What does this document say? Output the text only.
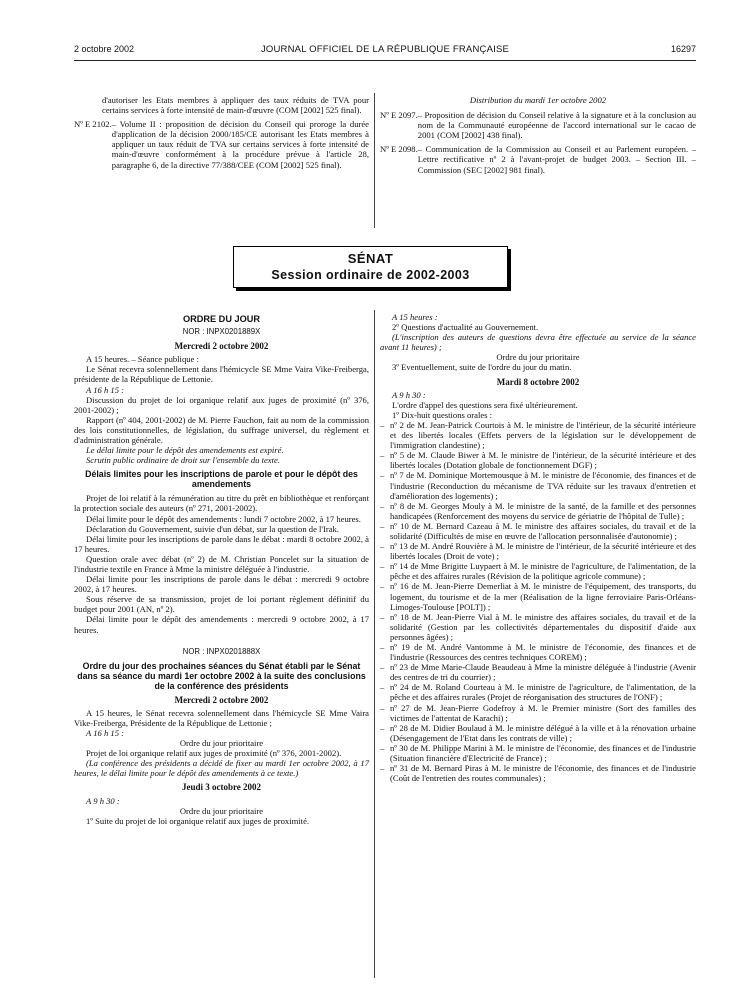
2 octobre 2002	JOURNAL OFFICIEL DE LA RÉPUBLIQUE FRANÇAISE	16297

d'autoriser les Etats membres à appliquer des taux réduits de TVA pour certains services à forte intensité de main-d'œuvre (COM [2002] 525 final).

Nº E 2102. – Volume II : proposition de décision du Conseil qui proroge la durée d'application de la décision 2000/185/CE autorisant les Etats membres à appliquer un taux réduit de TVA sur certains services à forte intensité de main-d'œuvre conformément à la procédure prévue à l'article 28, paragraphe 6, de la directive 77/388/CEE (COM [2002] 525 final).

Distribution du mardi 1er octobre 2002

Nº E 2097. – Proposition de décision du Conseil relative à la signature et à la conclusion au nom de la Communauté européenne de l'accord international sur le cacao de 2001 (COM [2002] 438 final).
Nº E 2098. – Communication de la Commission au Conseil et au Parlement européen. – Lettre rectificative nº 2 à l'avant-projet de budget 2003. – Section III. – Commission (SEC [2002] 981 final).
SÉNAT
Session ordinaire de 2002-2003
ORDRE DU JOUR
NOR : INPX0201889X
Mercredi 2 octobre 2002

A 15 heures. – Séance publique :

Le Sénat recevra solennellement dans l'hémicycle SE Mme Vaira Vike-Freiberga, présidente de la République de Lettonie.

A 16 h 15 :

Discussion du projet de loi organique relatif aux juges de proximité (nº 376, 2001-2002) ;

Rapport (nº 404, 2001-2002) de M. Pierre Fauchon, fait au nom de la commission des lois constitutionnelles, de législation, du suffrage universel, du règlement et d'administration générale.

Le délai limite pour le dépôt des amendements est expiré.

Scrutin public ordinaire de droit sur l'ensemble du texte.

Délais limites pour les inscriptions de parole et pour le dépôt des amendements

Projet de loi relatif à la rémunération au titre du prêt en bibliothèque et renforçant la protection sociale des auteurs (nº 271, 2001-2002).

Délai limite pour le dépôt des amendements : lundi 7 octobre 2002, à 17 heures.

Déclaration du Gouvernement, suivie d'un débat, sur la question de l'Irak.

Délai limite pour les inscriptions de parole dans le débat : mardi 8 octobre 2002, à 17 heures.

Question orale avec débat (nº 2) de M. Christian Poncelet sur la situation de l'industrie textile en France à Mme la ministre déléguée à l'industrie.

Délai limite pour les inscriptions de parole dans le débat : mercredi 9 octobre 2002, à 17 heures.

Sous réserve de sa transmission, projet de loi portant règlement définitif du budget pour 2001 (AN, nº 2).

Délai limite pour le dépôt des amendements : mercredi 9 octobre 2002, à 17 heures.

NOR : INPX0201888X
Ordre du jour des prochaines séances du Sénat établi par le Sénat dans sa séance du mardi 1er octobre 2002 à la suite des conclusions de la conférence des présidents
Mercredi 2 octobre 2002

A 15 heures, le Sénat recevra solennellement dans l'hémicycle SE Mme Vaira Vike-Freiberga, Présidente de la République de Lettonie ;

A 16 h 15 :

Ordre du jour prioritaire

Projet de loi organique relatif aux juges de proximité (nº 376, 2001-2002).

(La conférence des présidents a décidé de fixer au mardi 1er octobre 2002, à 17 heures, le délai limite pour le dépôt des amendements à ce texte.)

Jeudi 3 octobre 2002

A 9 h 30 :

Ordre du jour prioritaire

1º Suite du projet de loi organique relatif aux juges de proximité.

A 15 heures :

2º Questions d'actualité au Gouvernement.

(L'inscription des auteurs de questions devra être effectuée au service de la séance avant 11 heures) ;

Ordre du jour prioritaire

3º Eventuellement, suite de l'ordre du jour du matin.

Mardi 8 octobre 2002

A 9 h 30 :

L'ordre d'appel des questions sera fixé ultérieurement.

1º Dix-huit questions orales :

– nº 2 de M. Jean-Patrick Courtois à M. le ministre de l'intérieur, de la sécurité intérieure et des libertés locales (Effets pervers de la législation sur le développement de l'immigration clandestine) ;
– nº 5 de M. Claude Biwer à M. le ministre de l'intérieur, de la sécurité intérieure et des libertés locales (Dotation globale de fonctionnement DGF) ;
– nº 7 de M. Dominique Mortemousque à M. le ministre de l'économie, des finances et de l'industrie (Reconduction du mécanisme de TVA réduite sur les travaux d'entretien et d'amélioration des logements) ;
– nº 8 de M. Georges Mouly à M. le ministre de la santé, de la famille et des personnes handicapées (Renforcement des moyens du service de gériatrie de l'hôpital de Tulle) ;
– nº 10 de M. Bernard Cazeau à M. le ministre des affaires sociales, du travail et de la solidarité (Difficultés de mise en œuvre de l'allocation personnalisée d'autonomie) ;
– nº 13 de M. André Rouvière à M. le ministre de l'intérieur, de la sécurité intérieure et des libertés locales (Droit de vote) ;
– nº 14 de Mme Brigitte Luypaert à M. le ministre de l'agriculture, de l'alimentation, de la pêche et des affaires rurales (Révision de la politique agricole commune) ;
– nº 16 de M. Jean-Pierre Demerliat à M. le ministre de l'équipement, des transports, du logement, du tourisme et de la mer (Réalisation de la ligne ferroviaire Paris-Orléans-Limoges-Toulouse [POLT]) ;
– nº 18 de M. Jean-Pierre Vial à M. le ministre des affaires sociales, du travail et de la solidarité (Gestion par les collectivités départementales du dispositif d'aide aux personnes âgées) ;
– nº 19 de M. André Vantomme à M. le ministre de l'économie, des finances et de l'industrie (Ressources des centres techniques COREM) ;
– nº 23 de Mme Marie-Claude Beaudeau à Mme la ministre déléguée à l'industrie (Avenir des centres de tri du courrier) ;
– nº 24 de M. Roland Courteau à M. le ministre de l'agriculture, de l'alimentation, de la pêche et des affaires rurales (Projet de réorganisation des structures de l'ONF) ;
– nº 27 de M. Jean-Pierre Godefroy à M. le Premier ministre (Sort des familles des victimes de l'attentat de Karachi) ;
– nº 28 de M. Didier Boulaud à M. le ministre délégué à la ville et à la rénovation urbaine (Désengagement de l'Etat dans les contrats de ville) ;
– nº 30 de M. Philippe Marini à M. le ministre de l'économie, des finances et de l'industrie (Situation financière d'Electricité de France) ;
– nº 31 de M. Bernard Piras à M. le ministre de l'économie, des finances et de l'industrie (Coût de l'entretien des routes communales) ;
